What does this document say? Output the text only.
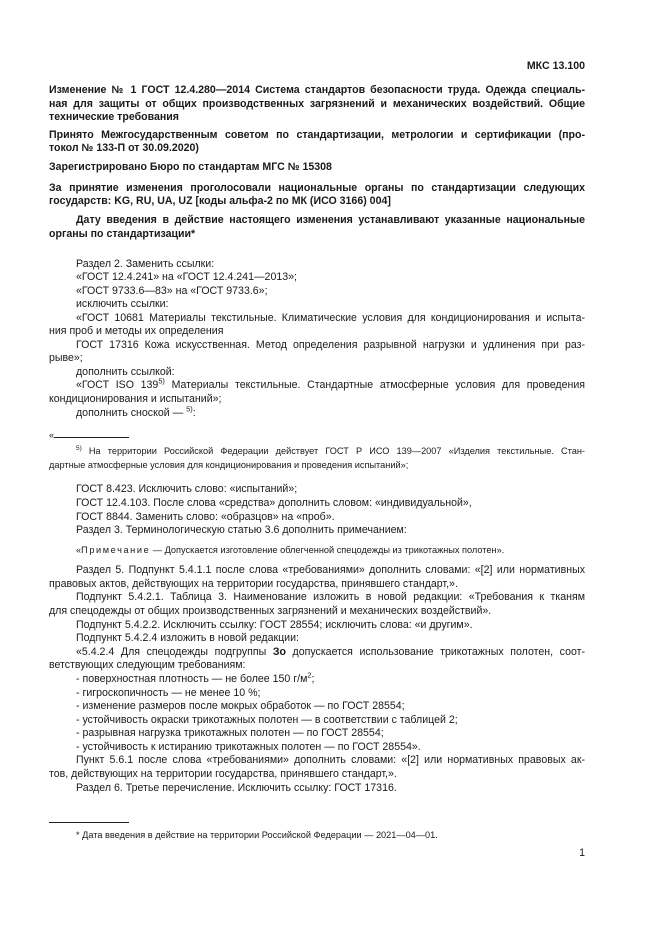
МКС 13.100
Изменение № 1 ГОСТ 12.4.280—2014 Система стандартов безопасности труда. Одежда специаль-
ная для защиты от общих производственных загрязнений и механических воздействий. Общие
технические требования
Принято Межгосударственным советом по стандартизации, метрологии и сертификации (про-
токол № 133-П от 30.09.2020)
Зарегистрировано Бюро по стандартам МГС № 15308
За принятие изменения проголосовали национальные органы по стандартизации следующих
государств: KG, RU, UA, UZ [коды альфа-2 по МК (ИСО 3166) 004]
Дату введения в действие настоящего изменения устанавливают указанные национальные
органы по стандартизации*
Раздел 2. Заменить ссылки:
«ГОСТ 12.4.241» на «ГОСТ 12.4.241—2013»;
«ГОСТ 9733.6—83» на «ГОСТ 9733.6»;
исключить ссылки:
«ГОСТ 10681 Материалы текстильные. Климатические условия для кондиционирования и испыта-
ния проб и методы их определения
ГОСТ 17316 Кожа искусственная. Метод определения разрывной нагрузки и удлинения при раз-
рыве»;
дополнить ссылкой:
«ГОСТ ISO 139$^{5)}$ Материалы текстильные. Стандартные атмосферные условия для проведения
кондиционирования и испытаний»;
дополнить сноской — $^{5)}$:
«
$^{5)}$ На территории Российской Федерации действует ГОСТ Р ИСО 139—2007 «Изделия текстильные. Стан-
дартные атмосферные условия для кондиционирования и проведения испытаний»;
ГОСТ 8.423. Исключить слово: «испытаний»;
ГОСТ 12.4.103. После слова «средства» дополнить словом: «индивидуальной»,
ГОСТ 8844. Заменить слово: «образцов» на «проб».
Раздел 3. Терминологическую статью 3.6 дополнить примечанием:
«Примечание — Допускается изготовление облегченной спецодежды из трикотажных полотен».
Раздел 5. Подпункт 5.4.1.1 после слова «требованиями» дополнить словами: «[2] или нормативных
правовых актов, действующих на территории государства, принявшего стандарт,».
Подпункт 5.4.2.1. Таблица 3. Наименование изложить в новой редакции: «Требования к тканям
для спецодежды от общих производственных загрязнений и механических воздействий».
Подпункт 5.4.2.2. Исключить ссылку: ГОСТ 28554; исключить слова: «и другим».
Подпункт 5.4.2.4 изложить в новой редакции:
«5.4.2.4 Для спецодежды подгруппы Зо допускается использование трикотажных полотен, соот-
ветствующих следующим требованиям:
- поверхностная плотность — не более 150 $г/м^2$;
- гигроскопичность — не менее 10 %;
- изменение размеров после мокрых обработок — по ГОСТ 28554;
- устойчивость окраски трикотажных полотен — в соответствии с таблицей 2;
- разрывная нагрузка трикотажных полотен — по ГОСТ 28554;
- устойчивость к истиранию трикотажных полотен — по ГОСТ 28554».
Пункт 5.6.1 после слова «требованиями» дополнить словами: «[2] или нормативных правовых ак-
тов, действующих на территории государства, принявшего стандарт,».
Раздел 6. Третье перечисление. Исключить ссылку: ГОСТ 17316.
* Дата введения в действие на территории Российской Федерации — 2021—04—01.
1
